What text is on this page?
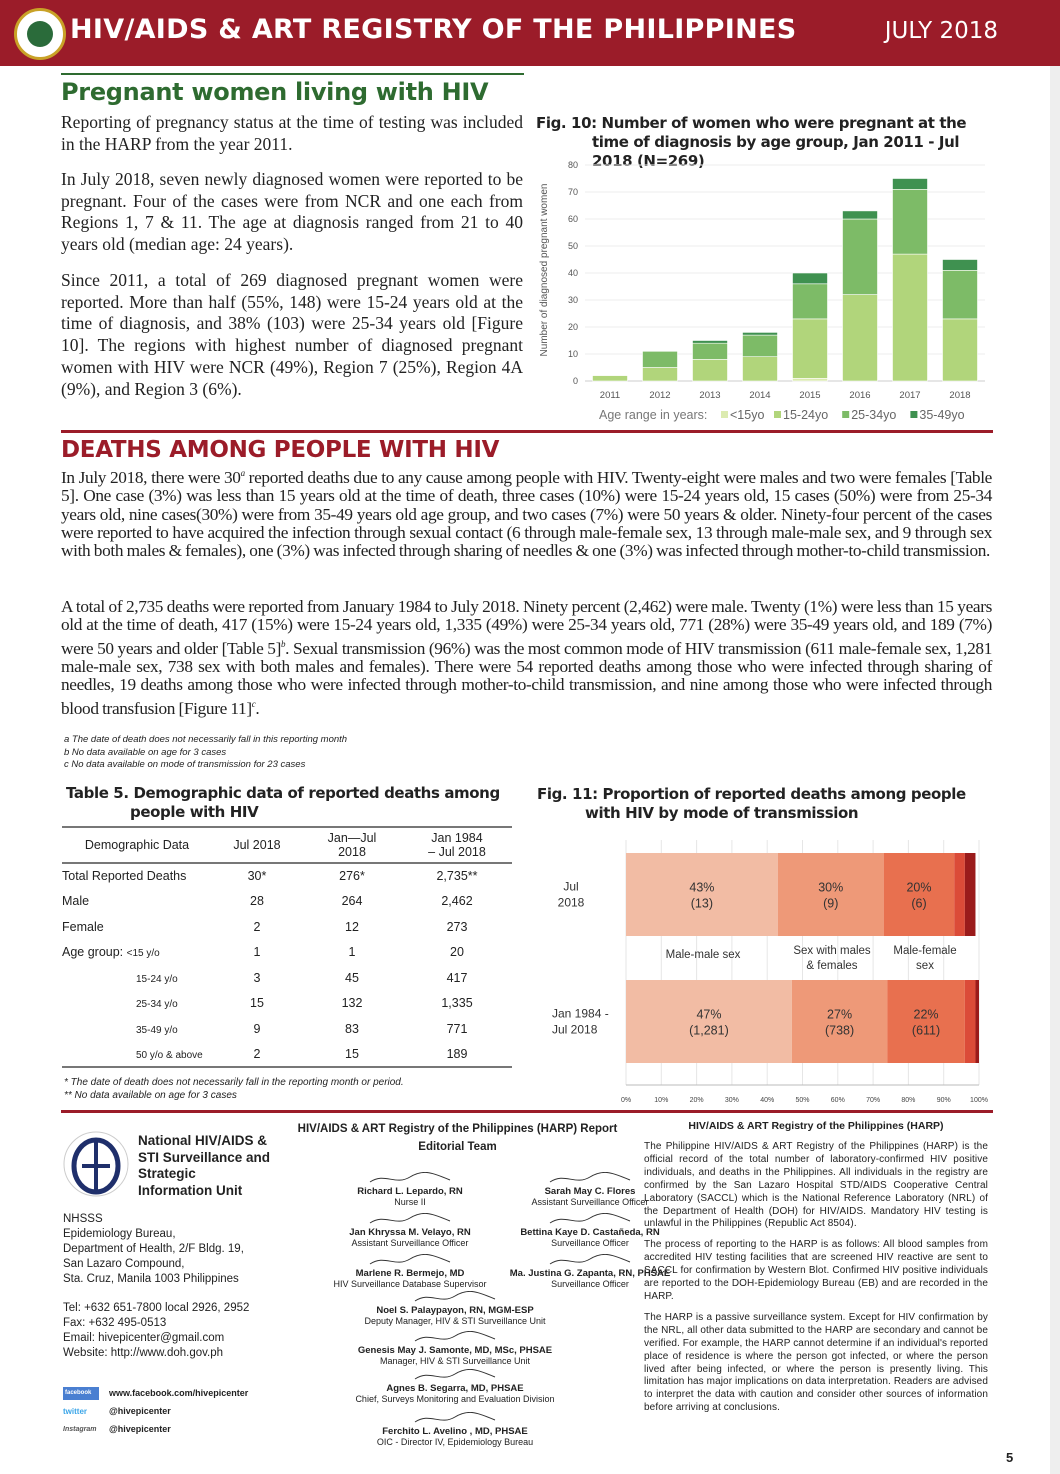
HIV/AIDS & ART REGISTRY OF THE PHILIPPINES	JULY 2018
Pregnant women living with HIV

Reporting of pregnancy status at the time of testing was included in the HARP from the year 2011.

In July 2018, seven newly diagnosed women were reported to be pregnant. Four of the cases were from NCR and one each from Regions 1, 7 & 11. The age at diagnosis ranged from 21 to 40 years old (median age: 24 years).

Since 2011, a total of 269 diagnosed pregnant women were reported. More than half (55%, 148) were 15-24 years old at the time of diagnosis, and 38% (103) were 25-34 years old [Figure 10]. The regions with highest number of diagnosed pregnant women with HIV were NCR (49%), Region 7 (25%), Region 4A (9%), and Region 3 (6%).

Fig. 10: Number of women who were pregnant at the time of diagnosis by age group, Jan 2011 - Jul 2018 (N=269)
Number of diagnosed pregnant women
0
10
20
30
40
50
60
70
80
2011	2012	2013	2014	2015	2016	2017	2018
Age range in years: <15yo 15-24yo 25-34yo 35-49yo
DEATHS AMONG PEOPLE WITH HIV

In July 2018, there were 30$^a$ reported deaths due to any cause among people with HIV. Twenty-eight were males and two were females [Table 5]. One case (3%) was less than 15 years old at the time of death, three cases (10%) were 15-24 years old, 15 cases (50%) were from 25-34 years old, nine cases(30%) were from 35-49 years old age group, and two cases (7%) were 50 years & older. Ninety-four percent of the cases were reported to have acquired the infection through sexual contact (6 through male-female sex, 13 through male-male sex, and 9 through sex with both males & females), one (3%) was infected through sharing of needles & one (3%) was infected through mother-to-child transmission.

A total of 2,735 deaths were reported from January 1984 to July 2018. Ninety percent (2,462) were male. Twenty (1%) were less than 15 years old at the time of death, 417 (15%) were 15-24 years old, 1,335 (49%) were 25-34 years old, 771 (28%) were 35-49 years old, and 189 (7%) were 50 years and older [Table 5]$^b$. Sexual transmission (96%) was the most common mode of HIV transmission (611 male-female sex, 1,281 male-male sex, 738 sex with both males and females). There were 54 reported deaths among those who were infected through sharing of needles, 19 deaths among those who were infected through mother-to-child transmission, and nine among those who were infected through blood transfusion [Figure 11]$^c$.

a The date of death does not necessarily fall in this reporting month
b No data available on age for 3 cases
c No data available on mode of transmission for 23 cases
Table 5. Demographic data of reported deaths among people with HIV
Demographic Data	Jul 2018	Jan—Jul 2018	Jan 1984 – Jul 2018
Total Reported Deaths	30*	276*	2,735**
Male	28	264	2,462
Female	2	12	273
Age group: <15 y/o	1	1	20
15-24 y/o	3	45	417
25-34 y/o	15	132	1,335
35-49 y/o	9	83	771
50 y/o & above	2	15	189
* The date of death does not necessarily fall in the reporting month or period.
** No data available on age for 3 cases
Fig. 11: Proportion of reported deaths among people with HIV by mode of transmission
0%	10%	20%	30%	40%	50%	60%	70%	80%	90%	100%
Jul 2018
43% (13)
30% (9)
20% (6)
Jan 1984 -Jul 2018
47% (1,281)
27% (738)
22% (611)
Male-male sex	Sex with males & females
Male-female sex
National HIV/AIDS & STI Surveillance and Strategic Information Unit
NHSSS
Epidemiology Bureau,
Department of Health, 2/F Bldg. 19,
San Lazaro Compound,
Sta. Cruz, Manila 1003 Philippines
Tel: +632 651-7800 local 2926, 2952
Fax: +632 495-0513
Email: hivepicenter@gmail.com
Website: http://www.doh.gov.ph
facebook	www.facebook.com/hivepicenter
twitter	@hivepicenter
Instagram @hivepicenter
HIV/AIDS & ART Registry of the Philippines (HARP) Report Editorial Team
Richard L. Lepardo, RN
Nurse II
Sarah May C. Flores
Assistant Surveillance Officer
Jan Khryssa M. Velayo, RN
Assistant Surveillance Officer
Bettina Kaye D. Castañeda, RN
Surveillance Officer
Marlene R. Bermejo, MD
HIV Surveillance Database Supervisor
Ma. Justina G. Zapanta, RN, PHSAE
Surveillance Officer
Noel S. Palaypayon, RN, MGM-ESP
Deputy Manager, HIV & STI Surveillance Unit
Genesis May J. Samonte, MD, MSc, PHSAE
Manager, HIV & STI Surveillance Unit
Agnes B. Segarra, MD, PHSAE
Chief, Surveys Monitoring and Evaluation Division
Ferchito L. Avelino , MD, PHSAE
OIC - Director IV, Epidemiology Bureau
HIV/AIDS & ART Registry of the Philippines (HARP)

The Philippine HIV/AIDS & ART Registry of the Philippines (HARP) is the official record of the total number of laboratory-confirmed HIV positive individuals, and deaths in the Philippines. All individuals in the registry are confirmed by the San Lazaro Hospital STD/AIDS Cooperative Central Laboratory (SACCL) which is the National Reference Laboratory (NRL) of the Department of Health (DOH) for HIV/AIDS. Mandatory HIV testing is unlawful in the Philippines (Republic Act 8504).

The process of reporting to the HARP is as follows: All blood samples from accredited HIV testing facilities that are screened HIV reactive are sent to SACCL for confirmation by Western Blot. Confirmed HIV positive individuals are reported to the DOH-Epidemiology Bureau (EB) and are recorded in the HARP.

The HARP is a passive surveillance system. Except for HIV confirmation by the NRL, all other data submitted to the HARP are secondary and cannot be verified. For example, the HARP cannot determine if an individual's reported place of residence is where the person got infected, or where the person lived after being infected, or where the person is presently living. This limitation has major implications on data interpretation. Readers are advised to interpret the data with caution and consider other sources of information before arriving at conclusions.

5
